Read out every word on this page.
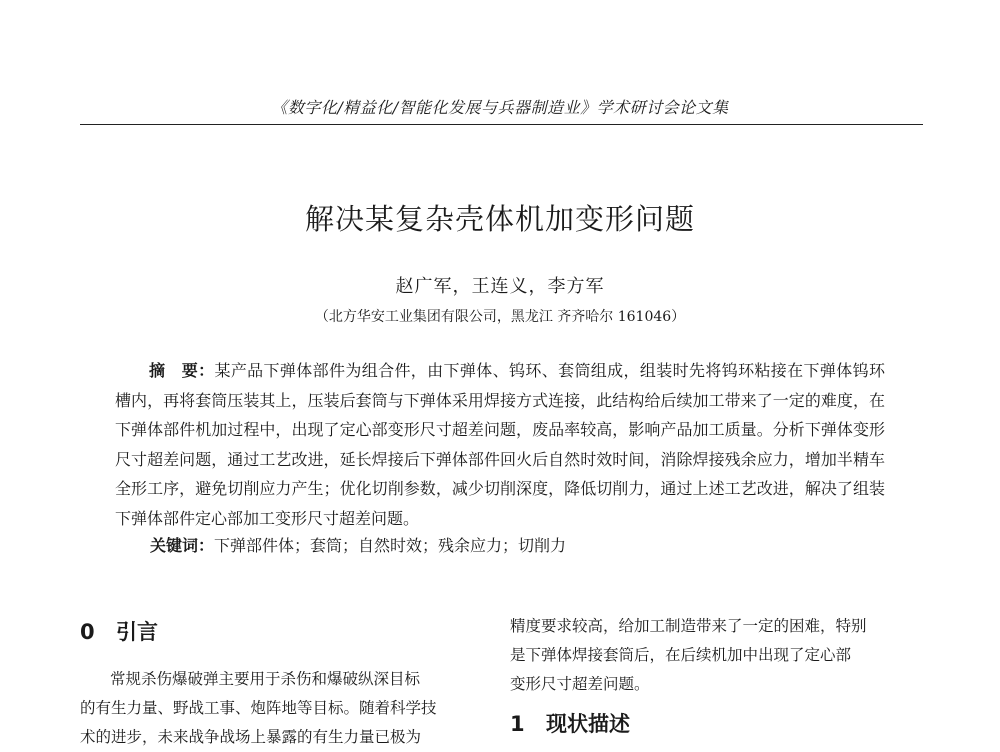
《数字化/精益化/智能化发展与兵器制造业》学术研讨会论文集
解决某复杂壳体机加变形问题
赵广军，王连义，李方军
（北方华安工业集团有限公司，黑龙江 齐齐哈尔 161046）

摘　要：某产品下弹体部件为组合件，由下弹体、钨环、套筒组成，组装时先将钨环粘接在下弹体钨环槽内，再将套筒压装其上，压装后套筒与下弹体采用焊接方式连接，此结构给后续加工带来了一定的难度，在下弹体部件机加过程中，出现了定心部变形尺寸超差问题，废品率较高，影响产品加工质量。分析下弹体变形尺寸超差问题，通过工艺改进，延长焊接后下弹体部件回火后自然时效时间，消除焊接残余应力，增加半精车全形工序，避免切削应力产生；优化切削参数，减少切削深度，降低切削力，通过上述工艺改进，解决了组装下弹体部件定心部加工变形尺寸超差问题。

关键词：下弹部件体；套筒；自然时效；残余应力；切削力

0 引言

常规杀伤爆破弹主要用于杀伤和爆破纵深目标

的有生力量、野战工事、炮阵地等目标。随着科学技

术的进步，未来战争战场上暴露的有生力量已极为

精度要求较高，给加工制造带来了一定的困难，特别

是下弹体焊接套筒后，在后续机加中出现了定心部

变形尺寸超差问题。

1 现状描述
